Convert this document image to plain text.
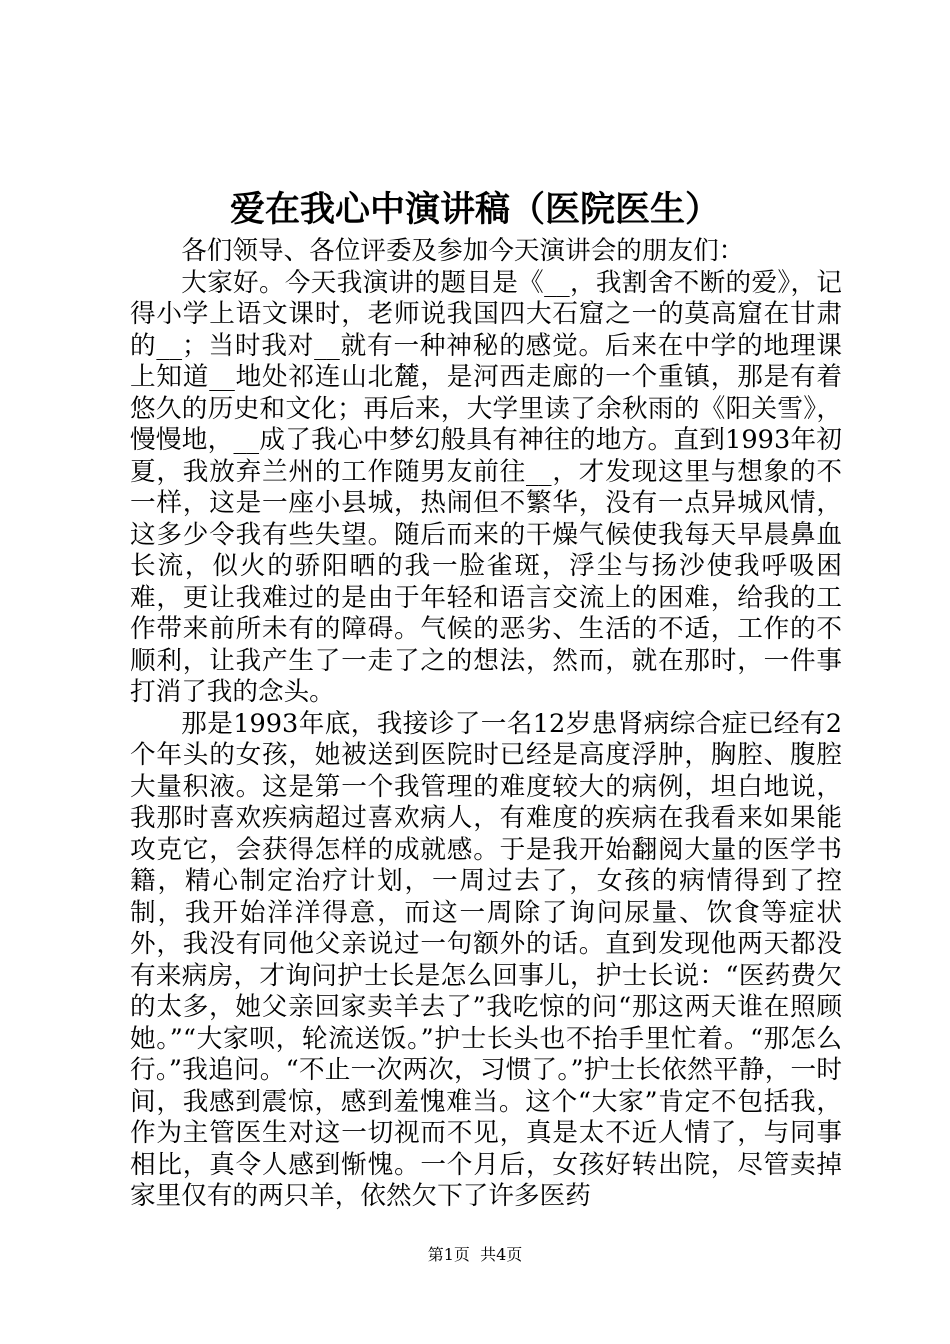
爱在我心中演讲稿（医院医生）

各们领导、各位评委及参加今天演讲会的朋友们：

大家好。今天我演讲的题目是《__，我割舍不断的爱》，记得小学上语文课时，老师说我国四大石窟之一的莫高窟在甘肃的__；当时我对__就有一种神秘的感觉。后来在中学的地理课上知道__地处祁连山北麓，是河西走廊的一个重镇，那是有着悠久的历史和文化；再后来，大学里读了余秋雨的《阳关雪》，慢慢地，__成了我心中梦幻般具有神往的地方。直到1993年初夏，我放弃兰州的工作随男友前往__，才发现这里与想象的不一样，这是一座小县城，热闹但不繁华，没有一点异城风情，这多少令我有些失望。随后而来的干燥气候使我每天早晨鼻血长流，似火的骄阳晒的我一脸雀斑，浮尘与扬沙使我呼吸困难，更让我难过的是由于年轻和语言交流上的困难，给我的工作带来前所未有的障碍。气候的恶劣、生活的不适，工作的不顺利，让我产生了一走了之的想法，然而，就在那时，一件事打消了我的念头。

那是1993年底，我接诊了一名12岁患肾病综合症已经有2个年头的女孩，她被送到医院时已经是高度浮肿，胸腔、腹腔大量积液。这是第一个我管理的难度较大的病例，坦白地说，我那时喜欢疾病超过喜欢病人，有难度的疾病在我看来如果能攻克它，会获得怎样的成就感。于是我开始翻阅大量的医学书籍，精心制定治疗计划，一周过去了，女孩的病情得到了控制，我开始洋洋得意，而这一周除了询问尿量、饮食等症状外，我没有同他父亲说过一句额外的话。直到发现他两天都没有来病房，才询问护士长是怎么回事儿，护士长说：“医药费欠的太多，她父亲回家卖羊去了”我吃惊的问“那这两天谁在照顾她。”“大家呗，轮流送饭。”护士长头也不抬手里忙着。“那怎么行。”我追问。“不止一次两次，习惯了。”护士长依然平静，一时间，我感到震惊，感到羞愧难当。这个“大家”肯定不包括我，作为主管医生对这一切视而不见，真是太不近人情了，与同事相比，真令人感到惭愧。一个月后，女孩好转出院，尽管卖掉家里仅有的两只羊，依然欠下了许多医药

第1页 共4页
